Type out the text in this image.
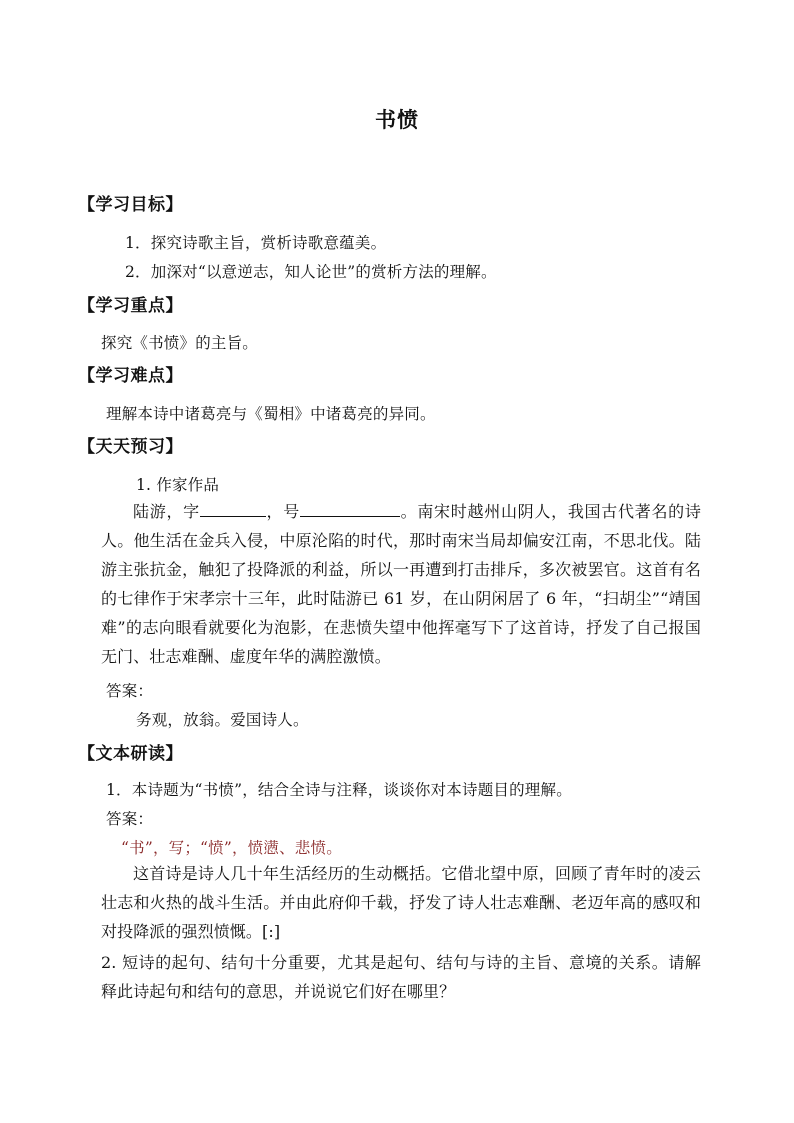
书愤
【学习目标】
1．探究诗歌主旨，赏析诗歌意蕴美。
2．加深对“以意逆志，知人论世”的赏析方法的理解。
【学习重点】
探究《书愤》的主旨。
【学习难点】
理解本诗中诸葛亮与《蜀相》中诸葛亮的异同。
【天天预习】
1. 作家作品
陆游，字	，号	。南宋时越州山阴人，我国古代著名的诗人。他生活在金兵入侵，中原沦陷的时代，那时南宋当局却偏安江南，不思北伐。陆游主张抗金，触犯了投降派的利益，所以一再遭到打击排斥，多次被罢官。这首有名的七律作于宋孝宗十三年，此时陆游已 61 岁，在山阴闲居了 6 年，“扫胡尘”“靖国难”的志向眼看就要化为泡影，在悲愤失望中他挥毫写下了这首诗，抒发了自己报国无门、壮志难酬、虚度年华的满腔激愤。
答案：
务观，放翁。爱国诗人。
【文本研读】
1．本诗题为“书愤”，结合全诗与注释，谈谈你对本诗题目的理解。
答案：
“书”，写；“愤”，愤懑、悲愤。
这首诗是诗人几十年生活经历的生动概括。它借北望中原，回顾了青年时的凌云壮志和火热的战斗生活。并由此府仰千载，抒发了诗人壮志难酬、老迈年高的感叹和对投降派的强烈愤慨。[:]
2. 短诗的起句、结句十分重要，尤其是起句、结句与诗的主旨、意境的关系。请解释此诗起句和结句的意思，并说说它们好在哪里？
